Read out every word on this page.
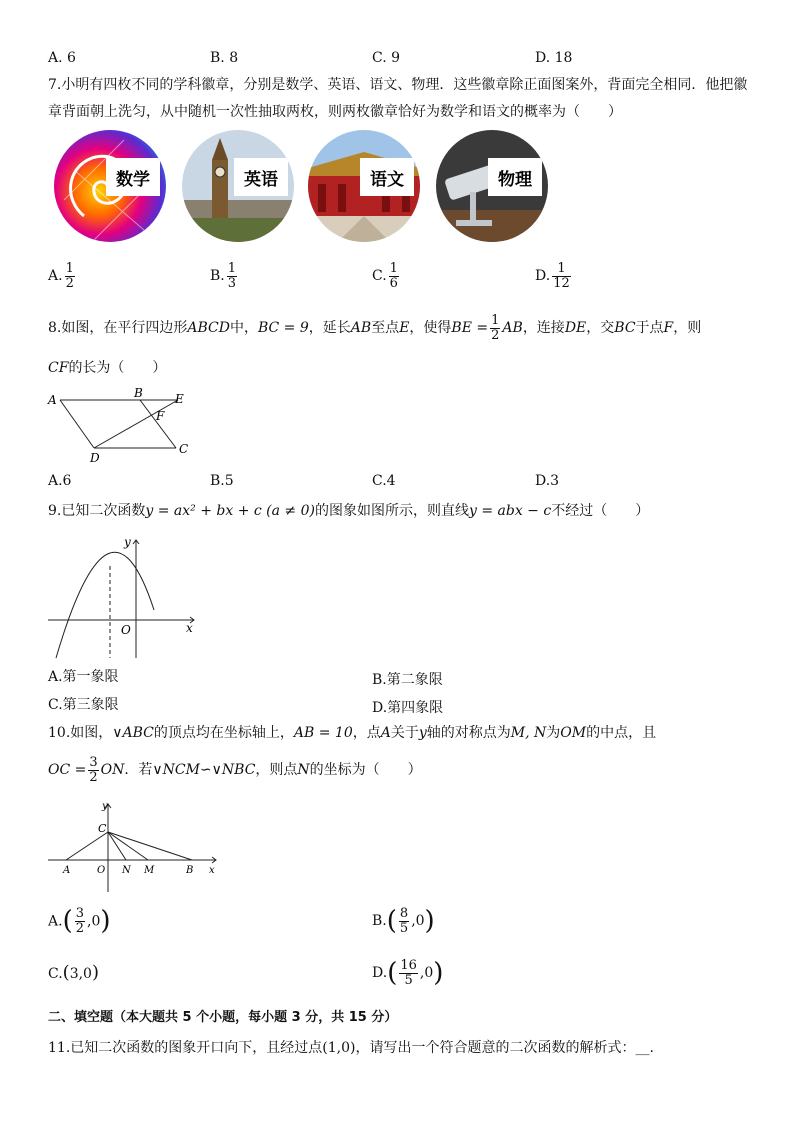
A. 6	B. 8	C. 9	D. 18
7.小明有四枚不同的学科徽章，分别是数学、英语、语文、物理．这些徽章除正面图案外，背面完全相同．他把徽
章背面朝上洗匀，从中随机一次性抽取两枚，则两枚徽章恰好为数学和语文的概率为（　　）
数学	英语	语文	物理
A. $\frac{1}{2}$	B. $\frac{1}{3}$	C. $\frac{1}{6}$	D. $\frac{1}{12}$
8.如图，在平行四边形ABCD中，BC = 9，延长AB至点E，使得BE = $\frac{1}{2}$ AB，连接DE，交BC于点F，则
CF的长为（　　）
A	B	E
F
D
C
A.6	B.5	C.4	D.3
9.已知二次函数y = ax² + bx + c (a ≠ 0)的图象如图所示，则直线y = abx − c不经过（　　）
y
x
O
A.第一象限	B.第二象限
C.第三象限	D.第四象限
10.如图，∨ABC的顶点均在坐标轴上，AB = 10，点A关于y轴的对称点为M, N为OM的中点，且
OC = $\frac{3}{2}$ ON．若∨NCM∽∨NBC，则点N的坐标为（　　）
y
C
A	O N M	B x
$A.( \frac{3}{2} ,0)$	$B.( \frac{8}{5} ,0)$
C.(3,0)	$D.( \frac{16}{5} ,0)$
二、填空题（本大题共 5 个小题，每小题 3 分，共 15 分）
11.已知二次函数的图象开口向下，且经过点(1,0)，请写出一个符合题意的二次函数的解析式：__.
